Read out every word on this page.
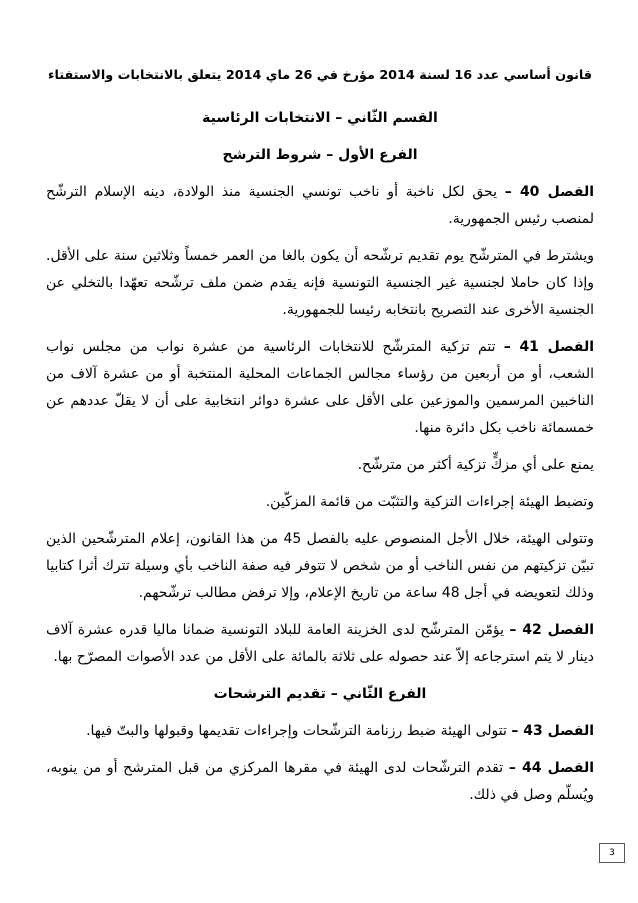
قانون أساسي عدد 16 لسنة 2014 مؤرخ في 26 ماي 2014 يتعلق بالانتخابات والاستفتاء
القسم الثّاني – الانتخابات الرئاسية
الفرع الأول – شروط الترشح

الفصل 40 – يحق لكل ناخبة أو ناخب تونسي الجنسية منذ الولادة، دينه الإسلام الترشّح لمنصب رئيس الجمهورية.

ويشترط في المترشّح يوم تقديم ترشّحه أن يكون بالغا من العمر خمساً وثلاثين سنة على الأقل. وإذا كان حاملا لجنسية غير الجنسية التونسية فإنه يقدم ضمن ملف ترشّحه تعهّدا بالتخلي عن الجنسية الأخرى عند التصريح بانتخابه رئيسا للجمهورية.

الفصل 41 – تتم تزكية المترشّح للانتخابات الرئاسية من عشرة نواب من مجلس نواب الشعب، أو من أربعين من رؤساء مجالس الجماعات المحلية المنتخبة أو من عشرة آلاف من الناخبين المرسمين والموزعين على الأقل على عشرة دوائر انتخابية على أن لا يقلّ عددهم عن خمسمائة ناخب بكل دائرة منها.

يمنع على أي مزكٍّ تزكية أكثر من مترشّح.

وتضبط الهيئة إجراءات التزكية والتثبّت من قائمة المزكّين.

وتتولى الهيئة، خلال الأجل المنصوص عليه بالفصل 45 من هذا القانون، إعلام المترشّحين الذين تبيّن تزكيتهم من نفس الناخب أو من شخص لا تتوفر فيه صفة الناخب بأي وسيلة تترك أثرا كتابيا وذلك لتعويضه في أجل 48 ساعة من تاريخ الإعلام، وإلا ترفض مطالب ترشّحهم.

الفصل 42 – يؤمّن المترشّح لدى الخزينة العامة للبلاد التونسية ضمانا ماليا قدره عشرة آلاف دينار لا يتم استرجاعه إلاّ عند حصوله على ثلاثة بالمائة على الأقل من عدد الأصوات المصرّح بها.

الفرع الثّاني – تقديم الترشحات

الفصل 43 – تتولى الهيئة ضبط رزنامة الترشّحات وإجراءات تقديمها وقبولها والبتّ فيها.

الفصل 44 – تقدم الترشّحات لدى الهيئة في مقرها المركزي من قبل المترشح أو من ينوبه، ويُسلّم وصل في ذلك.

3
